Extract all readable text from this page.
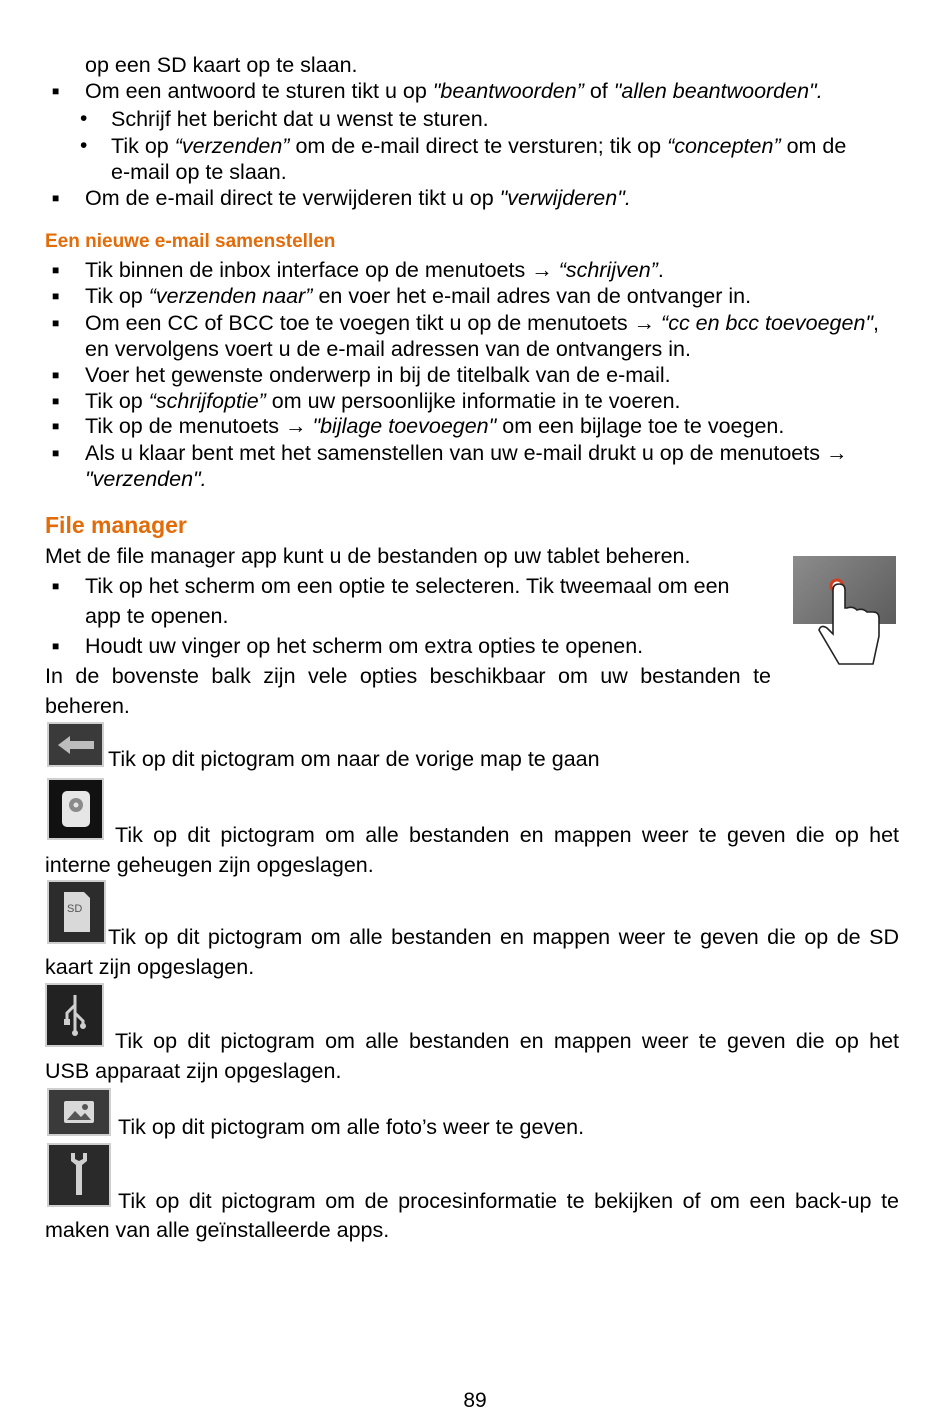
op een SD kaart op te slaan.
■ Om een antwoord te sturen tikt u op "beantwoorden” of "allen beantwoorden".
• Schrijf het bericht dat u wenst te sturen.
• Tik op “verzenden” om de e-mail direct te versturen; tik op “concepten” om de
e-mail op te slaan.
■ Om de e-mail direct te verwijderen tikt u op "verwijderen".
Een nieuwe e-mail samenstellen
■ Tik binnen de inbox interface op de menutoets → “schrijven”.
■ Tik op “verzenden naar” en voer het e-mail adres van de ontvanger in.
■ Om een CC of BCC toe te voegen tikt u op de menutoets → “cc en bcc toevoegen",
en vervolgens voert u de e-mail adressen van de ontvangers in.
■ Voer het gewenste onderwerp in bij de titelbalk van de e-mail.
■ Tik op “schrijfoptie” om uw persoonlijke informatie in te voeren.
■ Tik op de menutoets → "bijlage toevoegen" om een bijlage toe te voegen.
■ Als u klaar bent met het samenstellen van uw e-mail drukt u op de menutoets →
"verzenden".
File manager
Met de file manager app kunt u de bestanden op uw tablet beheren.
■ Tik op het scherm om een optie te selecteren. Tik tweemaal om een
app te openen.
■ Houdt uw vinger op het scherm om extra opties te openen.
In de bovenste balk zijn vele opties beschikbaar om uw bestanden te
beheren.
Tik op dit pictogram om naar de vorige map te gaan
Tik op dit pictogram om alle bestanden en mappen weer te geven die op het
interne geheugen zijn opgeslagen.
SD
Tik op dit pictogram om alle bestanden en mappen weer te geven die op de SD
kaart zijn opgeslagen.
Tik op dit pictogram om alle bestanden en mappen weer te geven die op het
USB apparaat zijn opgeslagen.
Tik op dit pictogram om alle foto’s weer te geven.
Tik op dit pictogram om de procesinformatie te bekijken of om een back-up te
maken van alle geïnstalleerde apps.
89
